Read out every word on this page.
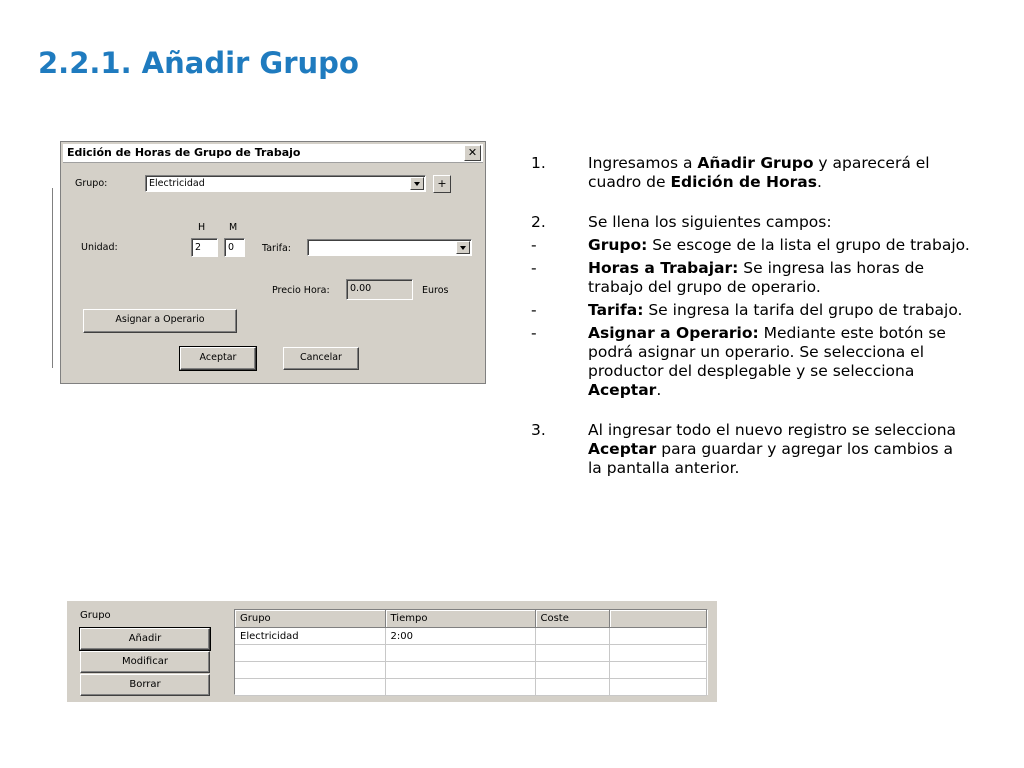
2.2.1. Añadir Grupo
Edición de Horas de Grupo de Trabajo	✕
Grupo:	Electricidad	+
H	M
Unidad:	2	0	Tarifa:
Precio Hora:	0.00	Euros
Asignar a Operario
Aceptar	Cancelar
1.	Ingresamos a Añadir Grupo y aparecerá el cuadro de Edición de Horas.
2.	Se llena los siguientes campos:
-	Grupo: Se escoge de la lista el grupo de trabajo.
-	Horas a Trabajar: Se ingresa las horas de trabajo del grupo de operario.
-	Tarifa: Se ingresa la tarifa del grupo de trabajo.
-	Asignar a Operario: Mediante este botón se podrá asignar un operario. Se selecciona el productor del desplegable y se selecciona Aceptar.
3.	Al ingresar todo el nuevo registro se selecciona Aceptar para guardar y agregar los cambios a la pantalla anterior.
Grupo
Añadir
Modificar
Borrar
Grupo	Tiempo	Coste	
Electricidad	2:00		
